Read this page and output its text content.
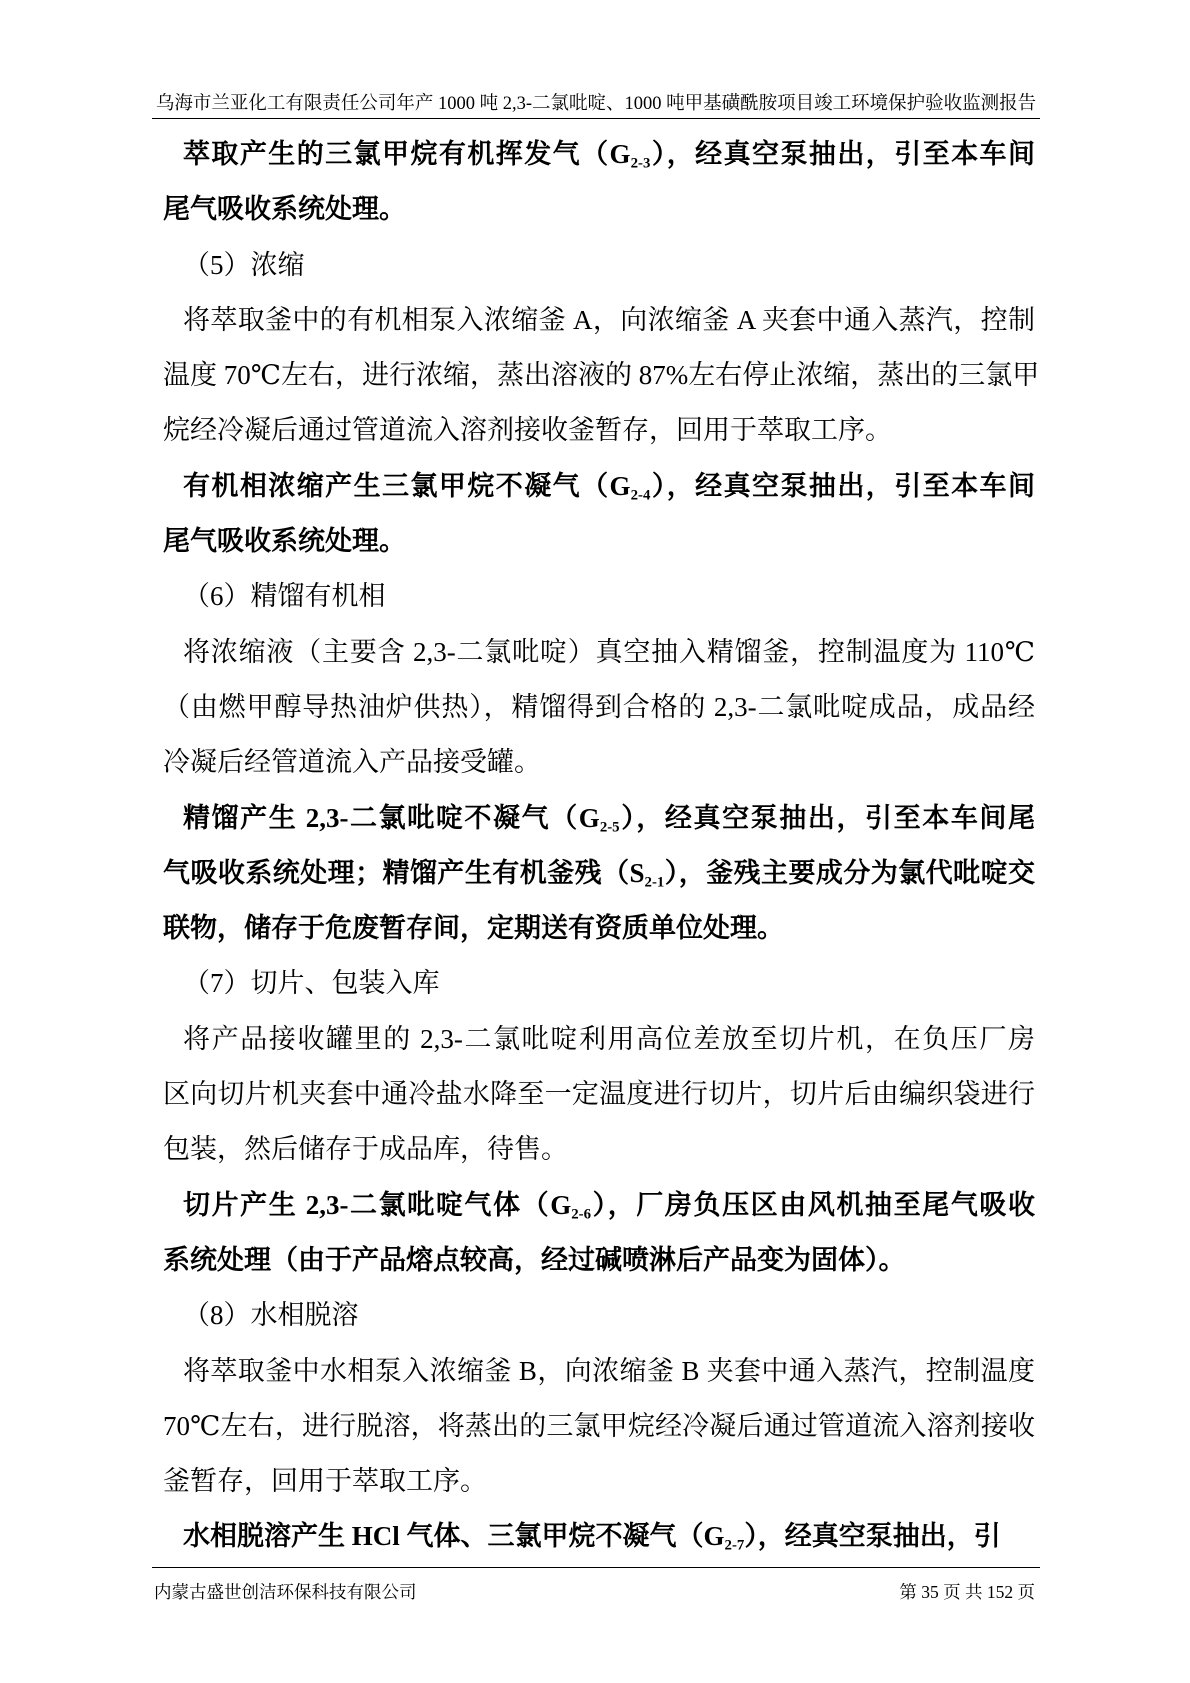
乌海市兰亚化工有限责任公司年产 1000 吨 2,3-二氯吡啶、1000 吨甲基磺酰胺项目竣工环境保护验收监测报告
萃取产生的三氯甲烷有机挥发气$(G_{2-3})$，经真空泵抽出，引至本车间
尾气吸收系统处理。
（5）浓缩
将萃取釜中的有机相泵入浓缩釜 A，向浓缩釜 A 夹套中通入蒸汽，控制
温度 70℃左右，进行浓缩，蒸出溶液的 87%左右停止浓缩，蒸出的三氯甲
烷经冷凝后通过管道流入溶剂接收釜暂存，回用于萃取工序。
有机相浓缩产生三氯甲烷不凝气$(G_{2-4})$，经真空泵抽出，引至本车间
尾气吸收系统处理。
（6）精馏有机相
将浓缩液（主要含 2,3-二氯吡啶）真空抽入精馏釜，控制温度为 110℃
（由燃甲醇导热油炉供热），精馏得到合格的 2,3-二氯吡啶成品，成品经
冷凝后经管道流入产品接受罐。
精馏产生 2,3-二氯吡啶不凝气$(G_{2-5})$，经真空泵抽出，引至本车间尾
气吸收系统处理；精馏产生有机釜残$(S_{2-1})$，釜残主要成分为氯代吡啶交
联物，储存于危废暂存间，定期送有资质单位处理。
（7）切片、包装入库
将产品接收罐里的 2,3-二氯吡啶利用高位差放至切片机，在负压厂房
区向切片机夹套中通冷盐水降至一定温度进行切片，切片后由编织袋进行
包装，然后储存于成品库，待售。
切片产生 2,3-二氯吡啶气体$(G_{2-6})$，厂房负压区由风机抽至尾气吸收
系统处理（由于产品熔点较高，经过碱喷淋后产品变为固体）。
（8）水相脱溶
将萃取釜中水相泵入浓缩釜 B，向浓缩釜 B 夹套中通入蒸汽，控制温度
70℃左右，进行脱溶，将蒸出的三氯甲烷经冷凝后通过管道流入溶剂接收
釜暂存，回用于萃取工序。
水相脱溶产生 HCl 气体、三氯甲烷不凝气$(G_{2-7})$，经真空泵抽出，引
内蒙古盛世创洁环保科技有限公司	第 35 页 共 152 页
